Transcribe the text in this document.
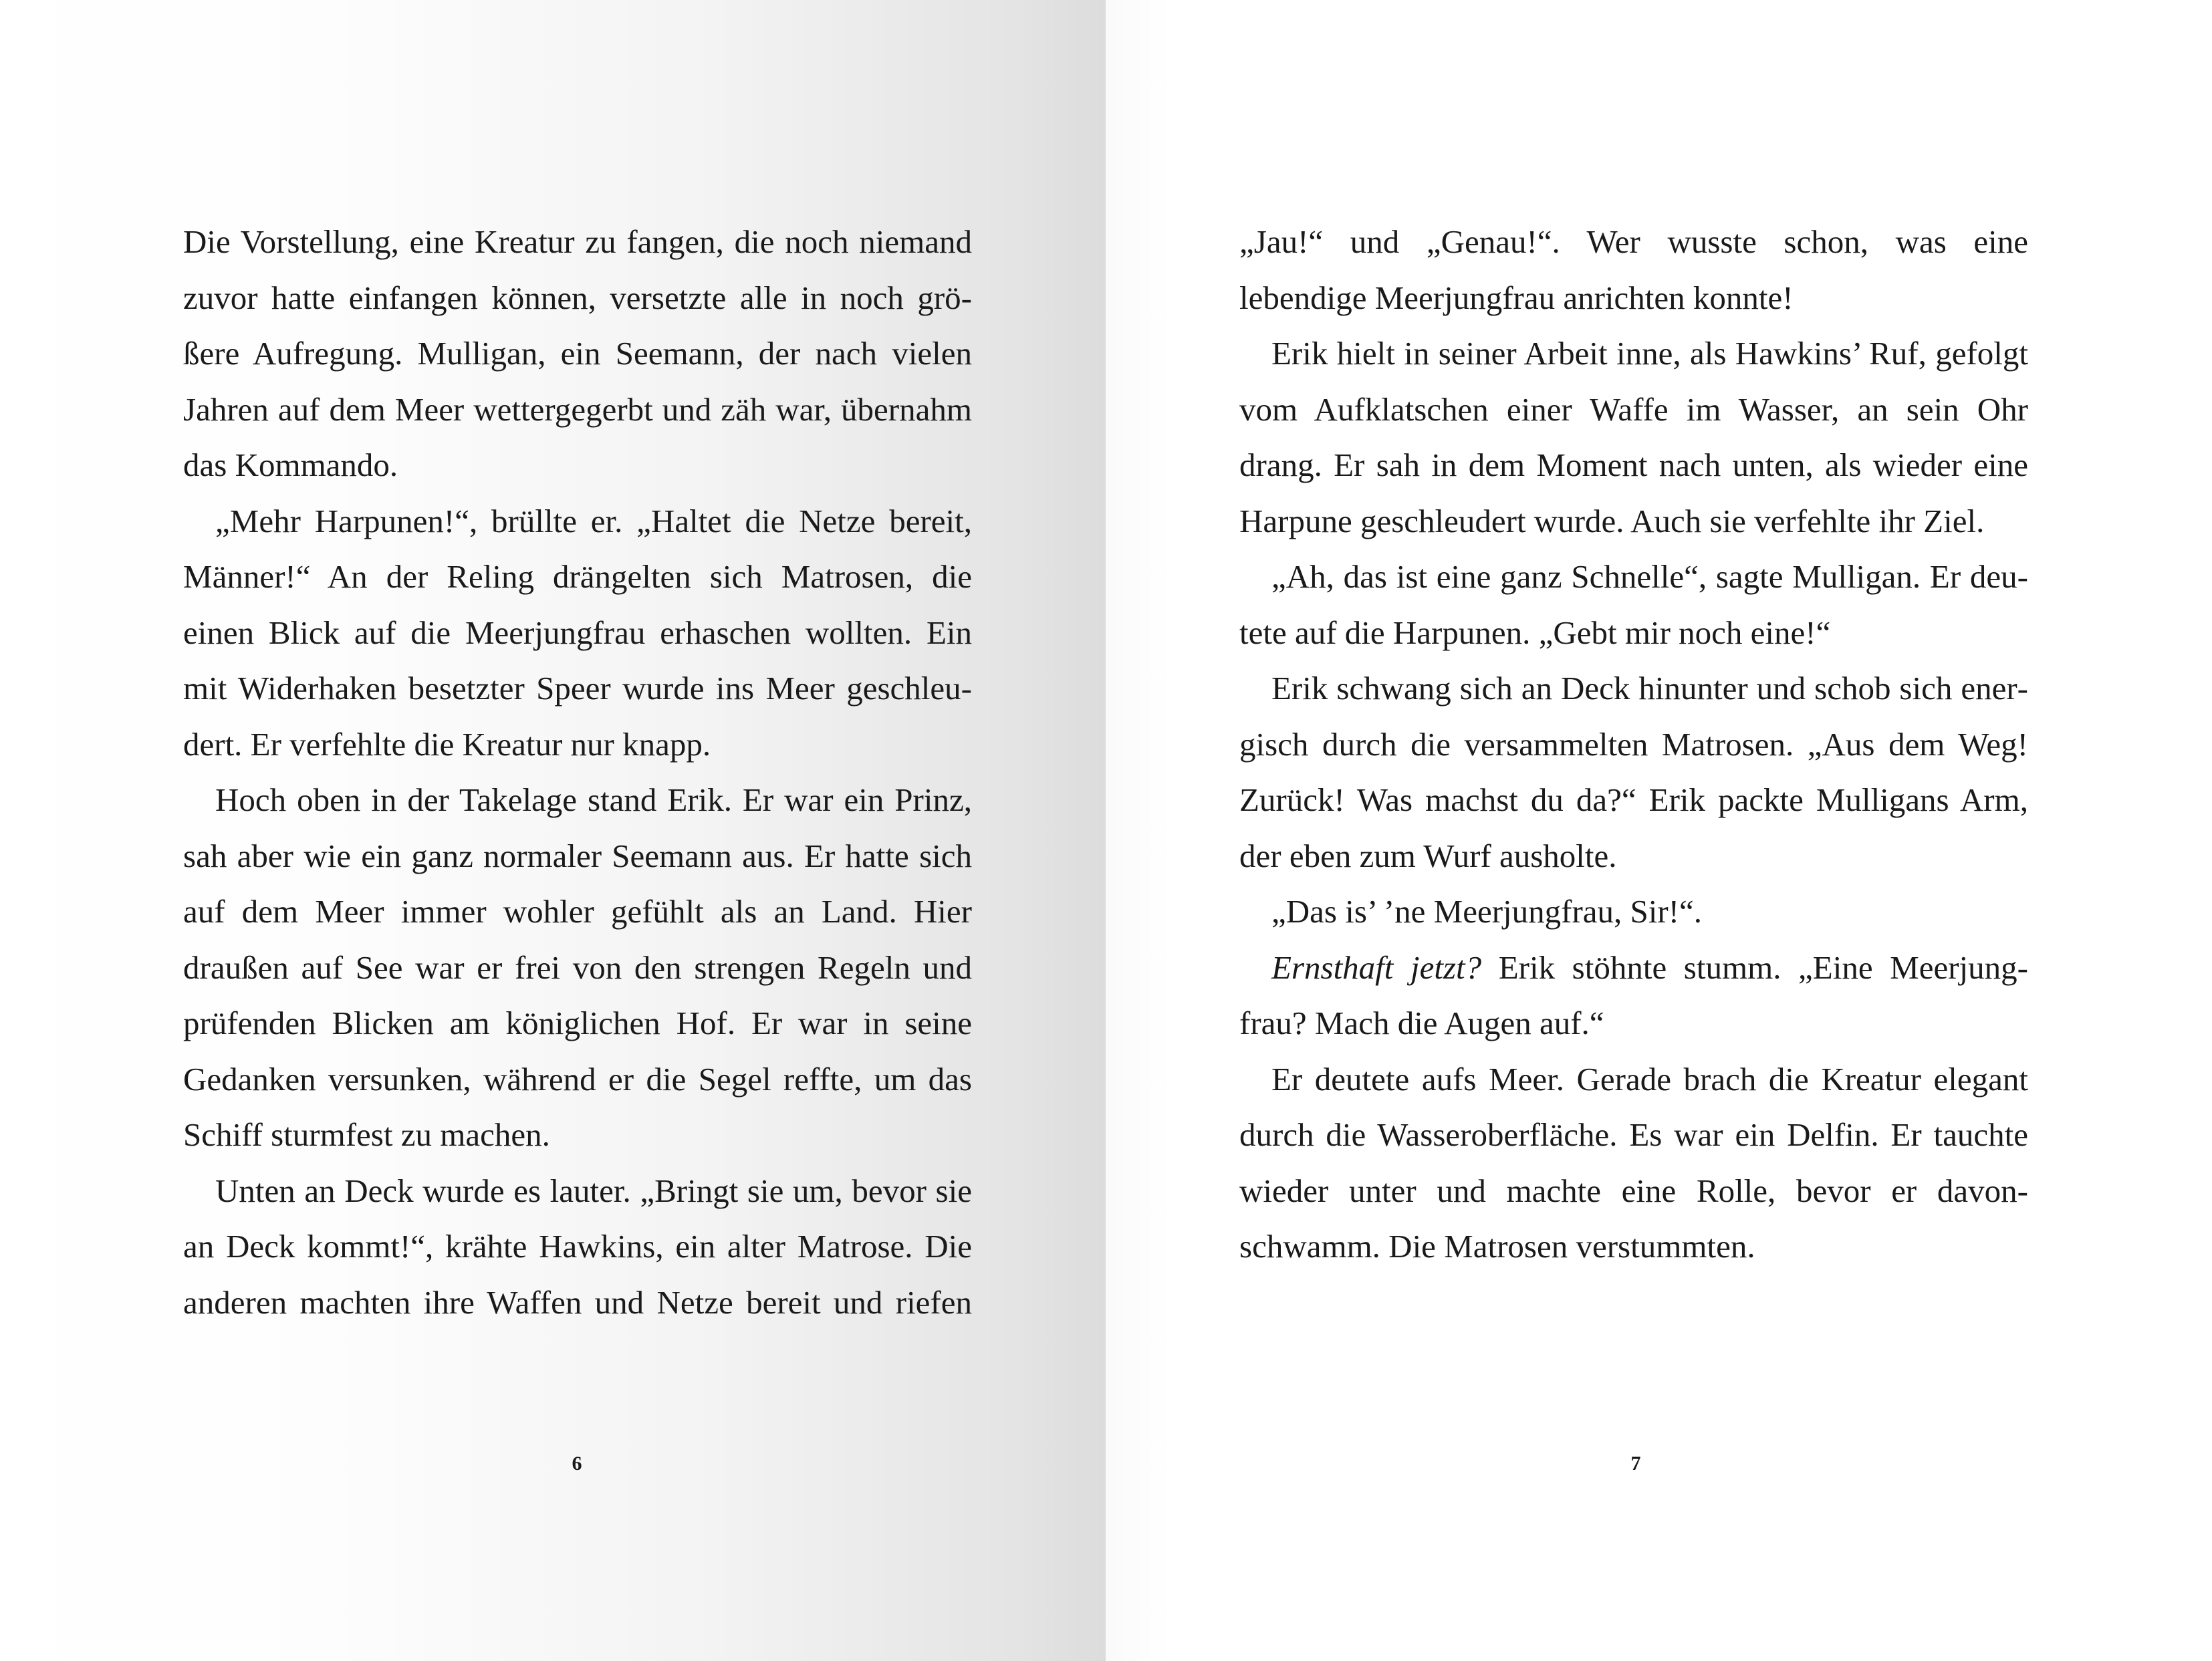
Die Vorstellung, eine Kreatur zu fangen, die noch niemand zuvor hatte einfangen können, versetzte alle in noch größere Aufregung. Mulligan, ein Seemann, der nach vielen Jahren auf dem Meer wettergegerbt und zäh war, übernahm das Kommando.

„Mehr Harpunen!“, brüllte er. „Haltet die Netze bereit, Männer!“ An der Reling drängelten sich Matrosen, die einen Blick auf die Meerjungfrau erhaschen wollten. Ein mit Widerhaken besetzter Speer wurde ins Meer geschleudert. Er verfehlte die Kreatur nur knapp.

Hoch oben in der Takelage stand Erik. Er war ein Prinz, sah aber wie ein ganz normaler Seemann aus. Er hatte sich auf dem Meer immer wohler gefühlt als an Land. Hier draußen auf See war er frei von den strengen Regeln und prüfenden Blicken am königlichen Hof. Er war in seine Gedanken versunken, während er die Segel reffte, um das Schiff sturmfest zu machen.

Unten an Deck wurde es lauter. „Bringt sie um, bevor sie an Deck kommt!“, krähte Hawkins, ein alter Matrose. Die anderen machten ihre Waffen und Netze bereit und riefen

6

„Jau!“ und „Genau!“. Wer wusste schon, was eine lebendige Meerjungfrau anrichten konnte!

Erik hielt in seiner Arbeit inne, als Hawkins’ Ruf, gefolgt vom Aufklatschen einer Waffe im Wasser, an sein Ohr drang. Er sah in dem Moment nach unten, als wieder eine Harpune geschleudert wurde. Auch sie verfehlte ihr Ziel.

„Ah, das ist eine ganz Schnelle“, sagte Mulligan. Er deutete auf die Harpunen. „Gebt mir noch eine!“

Erik schwang sich an Deck hinunter und schob sich energisch durch die versammelten Matrosen. „Aus dem Weg! Zurück! Was machst du da?“ Erik packte Mulligans Arm, der eben zum Wurf ausholte.

„Das is’ ’ne Meerjungfrau, Sir!“.

Ernsthaft jetzt? Erik stöhnte stumm. „Eine Meerjungfrau? Mach die Augen auf.“

Er deutete aufs Meer. Gerade brach die Kreatur elegant durch die Wasseroberfläche. Es war ein Delfin. Er tauchte wieder unter und machte eine Rolle, bevor er davonschwamm. Die Matrosen verstummten.

7
